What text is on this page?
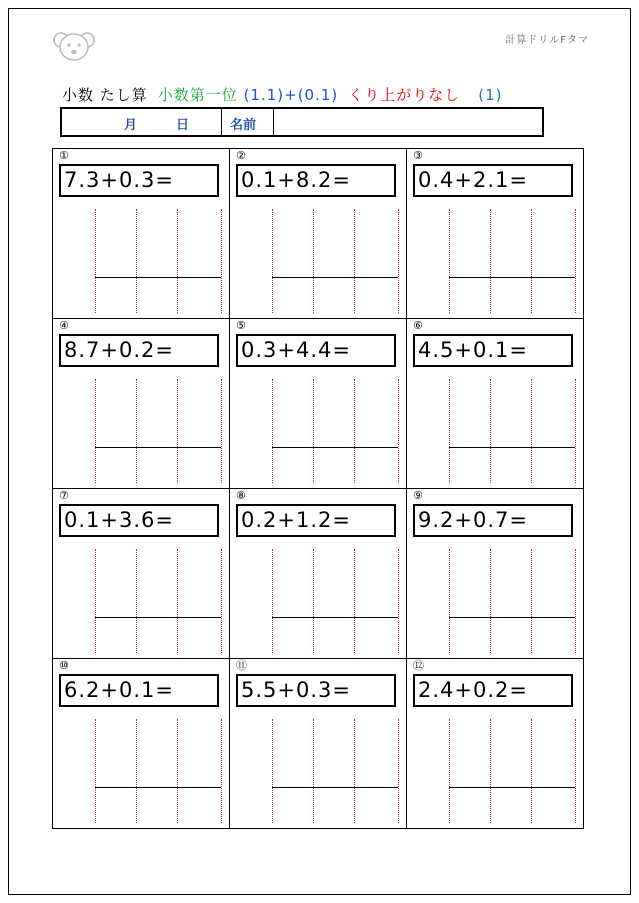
計算ドリルFタマ
小数 たし算 小数第一位 (1.1)+(0.1) くり上がりなし (1)
月	日	名前
①
7.3+0.3=
②
0.1+8.2=
③
0.4+2.1=
④
8.7+0.2=
⑤
0.3+4.4=
⑥
4.5+0.1=
⑦
0.1+3.6=
⑧
0.2+1.2=
⑨
9.2+0.7=
⑩
6.2+0.1=
⑪
5.5+0.3=
⑫
2.4+0.2=
